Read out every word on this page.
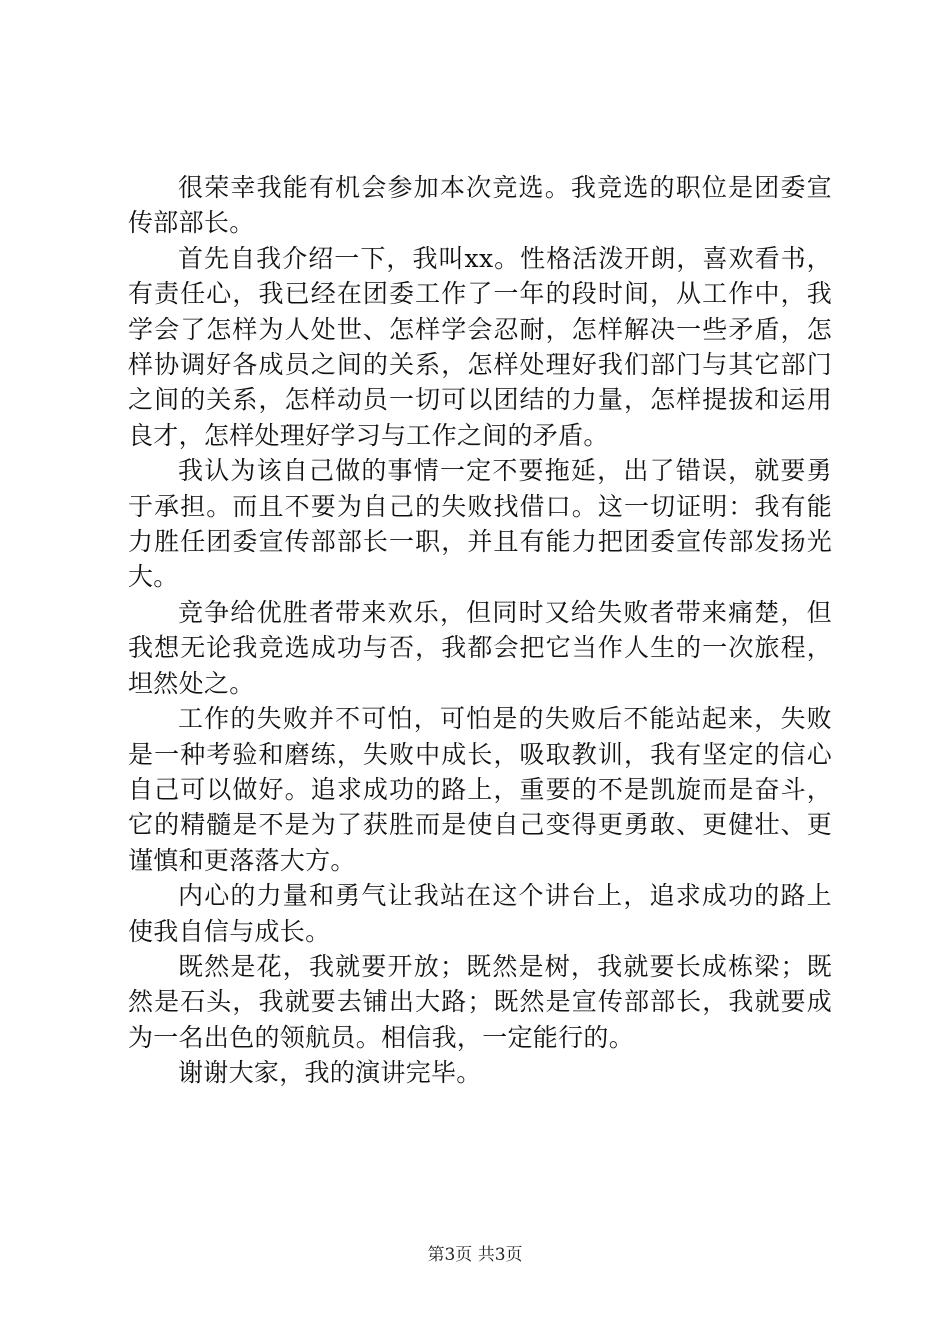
很荣幸我能有机会参加本次竞选。我竞选的职位是团委宣传部部长。

首先自我介绍一下，我叫xx。性格活泼开朗，喜欢看书，有责任心，我已经在团委工作了一年的段时间，从工作中，我学会了怎样为人处世、怎样学会忍耐，怎样解决一些矛盾，怎样协调好各成员之间的关系，怎样处理好我们部门与其它部门之间的关系，怎样动员一切可以团结的力量，怎样提拔和运用良才，怎样处理好学习与工作之间的矛盾。

我认为该自己做的事情一定不要拖延，出了错误，就要勇于承担。而且不要为自己的失败找借口。这一切证明：我有能力胜任团委宣传部部长一职，并且有能力把团委宣传部发扬光大。

竞争给优胜者带来欢乐，但同时又给失败者带来痛楚，但我想无论我竞选成功与否，我都会把它当作人生的一次旅程，坦然处之。

工作的失败并不可怕，可怕是的失败后不能站起来，失败是一种考验和磨练，失败中成长，吸取教训，我有坚定的信心自己可以做好。追求成功的路上，重要的不是凯旋而是奋斗，它的精髓是不是为了获胜而是使自己变得更勇敢、更健壮、更谨慎和更落落大方。

内心的力量和勇气让我站在这个讲台上，追求成功的路上使我自信与成长。

既然是花，我就要开放；既然是树，我就要长成栋梁；既然是石头，我就要去铺出大路；既然是宣传部部长，我就要成为一名出色的领航员。相信我，一定能行的。

谢谢大家，我的演讲完毕。

第3页 共3页
